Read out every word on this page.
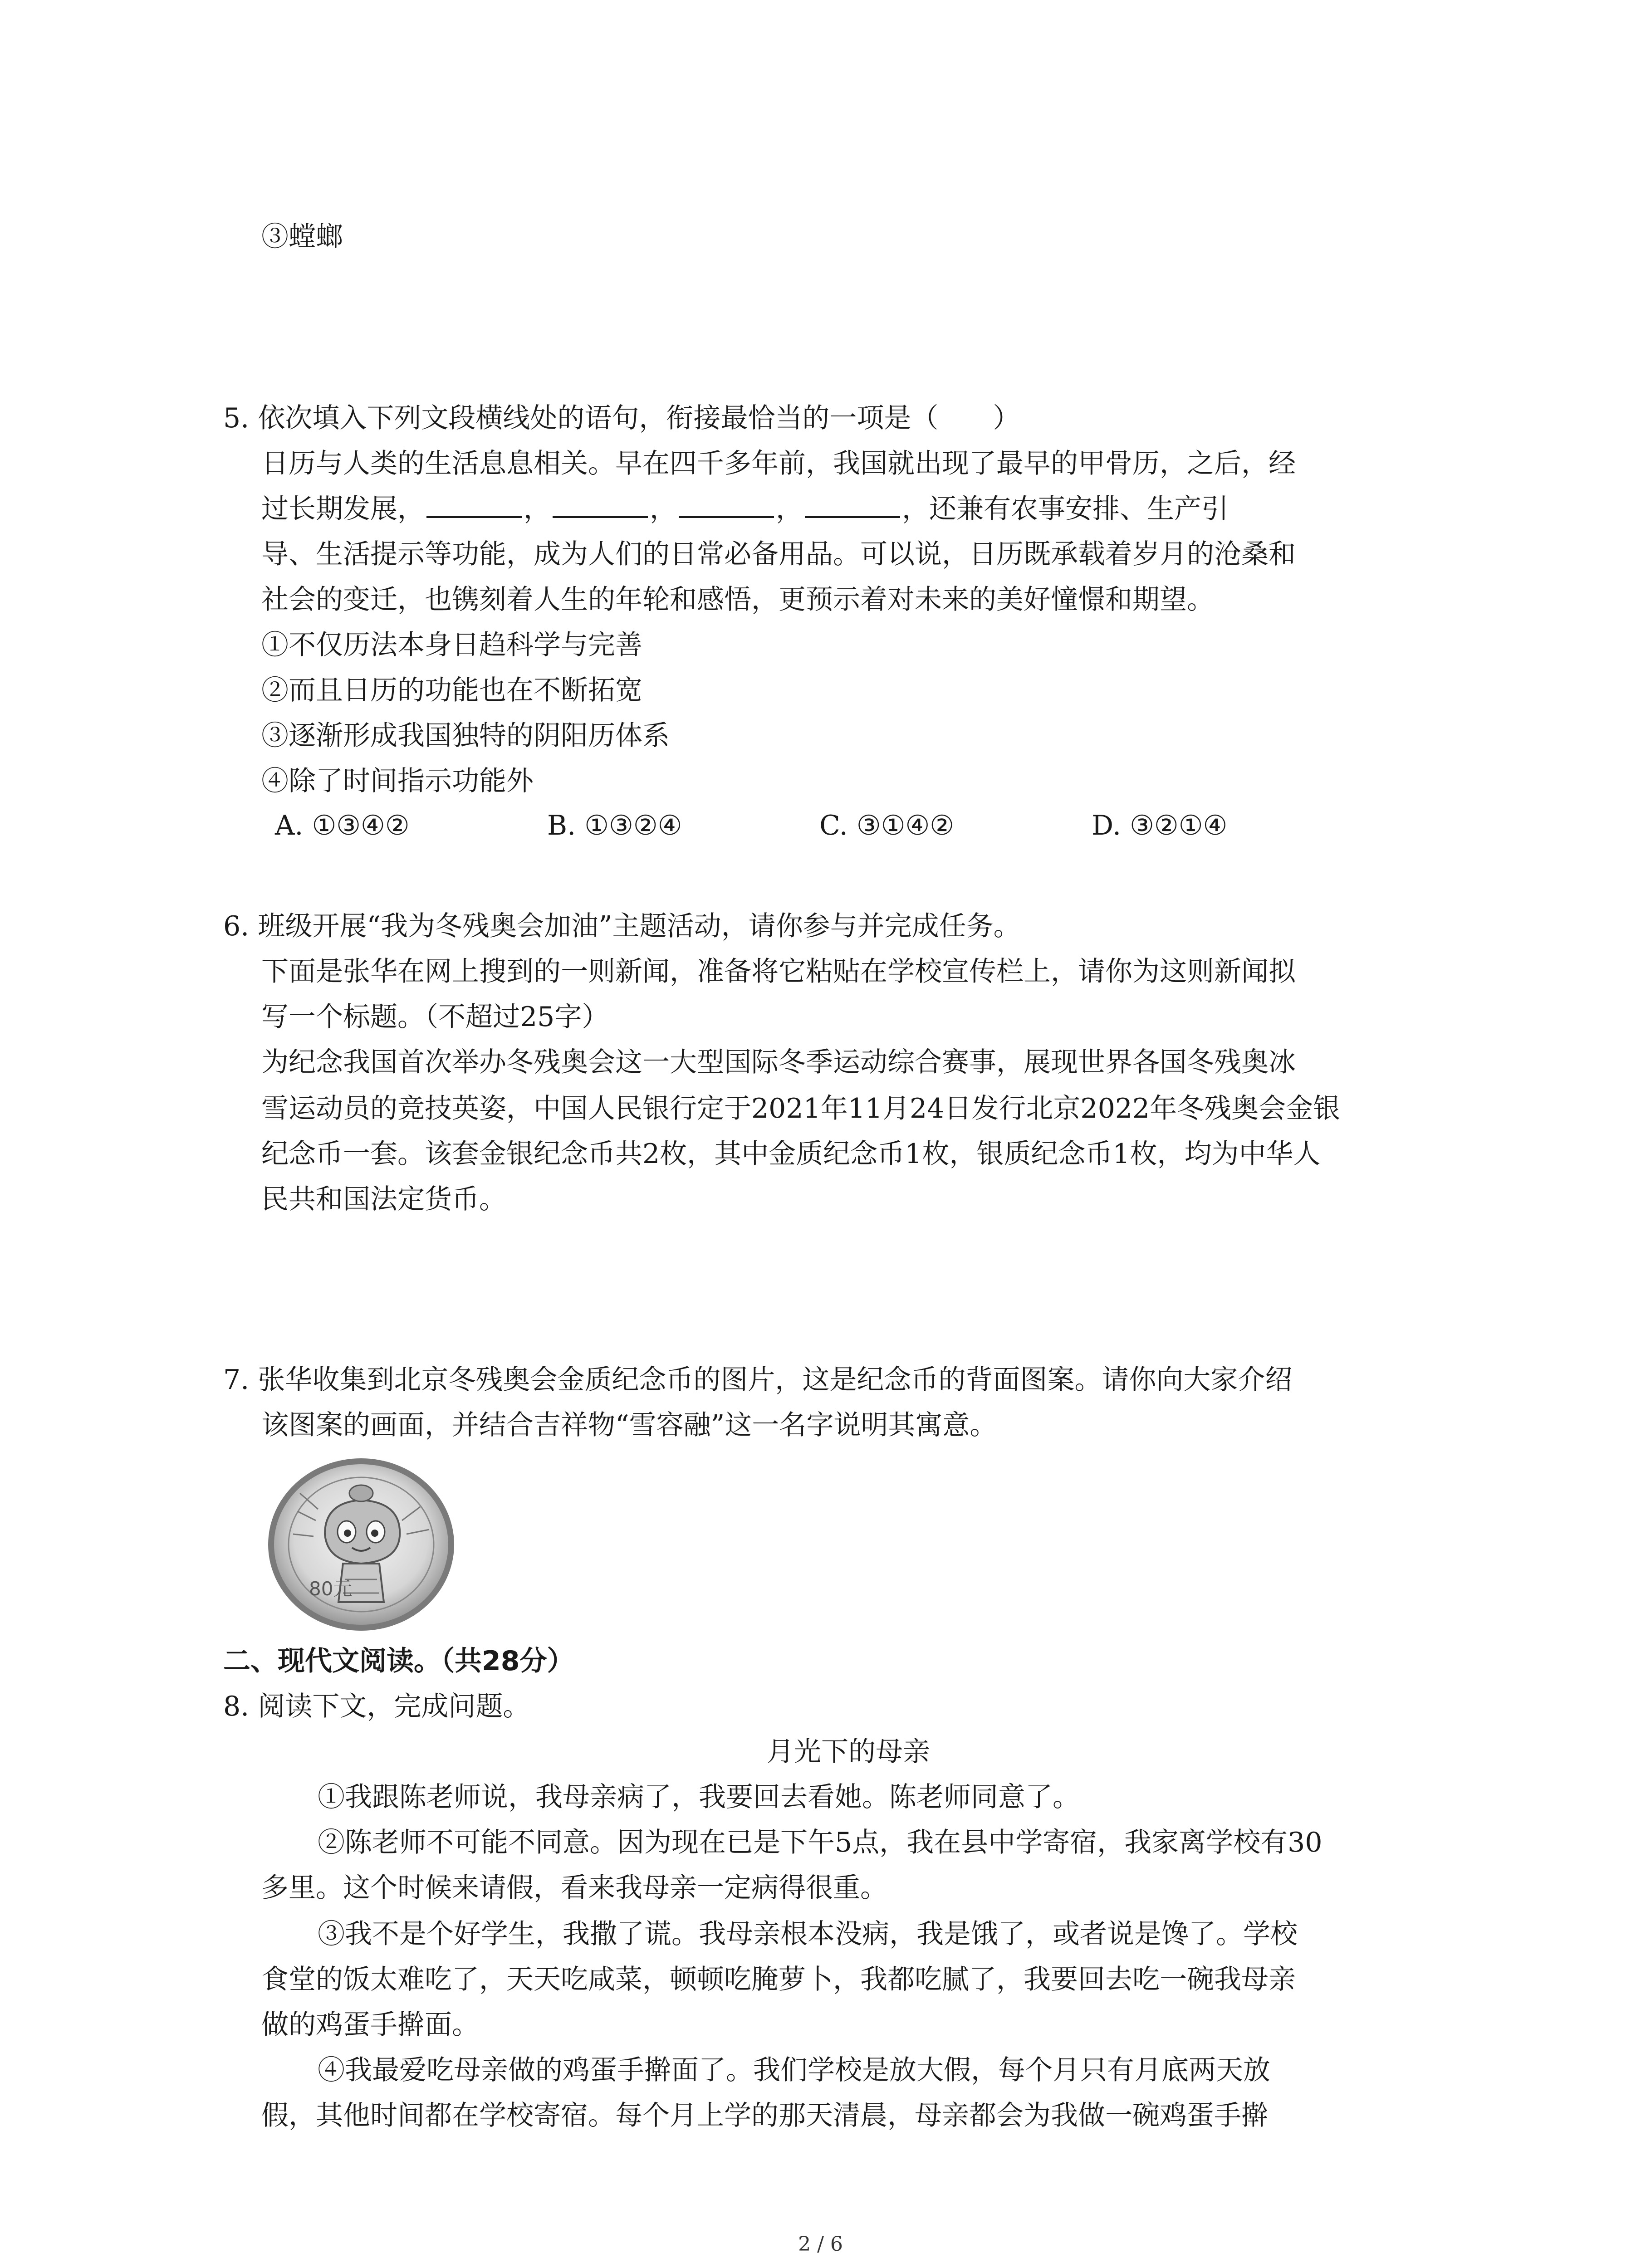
③螳螂
5. 依次填入下列文段横线处的语句，衔接最恰当的一项是（　　）
日历与人类的生活息息相关。早在四千多年前，我国就出现了最早的甲骨历，之后，经
过长期发展，	，	，	，	，还兼有农事安排、生产引
导、生活提示等功能，成为人们的日常必备用品。可以说，日历既承载着岁月的沧桑和
社会的变迁，也镌刻着人生的年轮和感悟，更预示着对未来的美好憧憬和期望。
①不仅历法本身日趋科学与完善
②而且日历的功能也在不断拓宽
③逐渐形成我国独特的阴阳历体系
④除了时间指示功能外
A. ①③④②	B. ①③②④	C. ③①④②	D. ③②①④
6. 班级开展“我为冬残奥会加油”主题活动，请你参与并完成任务。
下面是张华在网上搜到的一则新闻，准备将它粘贴在学校宣传栏上，请你为这则新闻拟
写一个标题。（不超过25字）
为纪念我国首次举办冬残奥会这一大型国际冬季运动综合赛事，展现世界各国冬残奥冰
雪运动员的竞技英姿，中国人民银行定于2021年11月24日发行北京2022年冬残奥会金银
纪念币一套。该套金银纪念币共2枚，其中金质纪念币1枚，银质纪念币1枚，均为中华人
民共和国法定货币。
7. 张华收集到北京冬残奥会金质纪念币的图片，这是纪念币的背面图案。请你向大家介绍
该图案的画面，并结合吉祥物“雪容融”这一名字说明其寓意。
80元
二、现代文阅读。（共28分）
8. 阅读下文，完成问题。
月光下的母亲
①我跟陈老师说，我母亲病了，我要回去看她。陈老师同意了。
②陈老师不可能不同意。因为现在已是下午5点，我在县中学寄宿，我家离学校有30
多里。这个时候来请假，看来我母亲一定病得很重。
③我不是个好学生，我撒了谎。我母亲根本没病，我是饿了，或者说是馋了。学校
食堂的饭太难吃了，天天吃咸菜，顿顿吃腌萝卜，我都吃腻了，我要回去吃一碗我母亲
做的鸡蛋手擀面。
④我最爱吃母亲做的鸡蛋手擀面了。我们学校是放大假，每个月只有月底两天放
假，其他时间都在学校寄宿。每个月上学的那天清晨，母亲都会为我做一碗鸡蛋手擀
2 / 6
